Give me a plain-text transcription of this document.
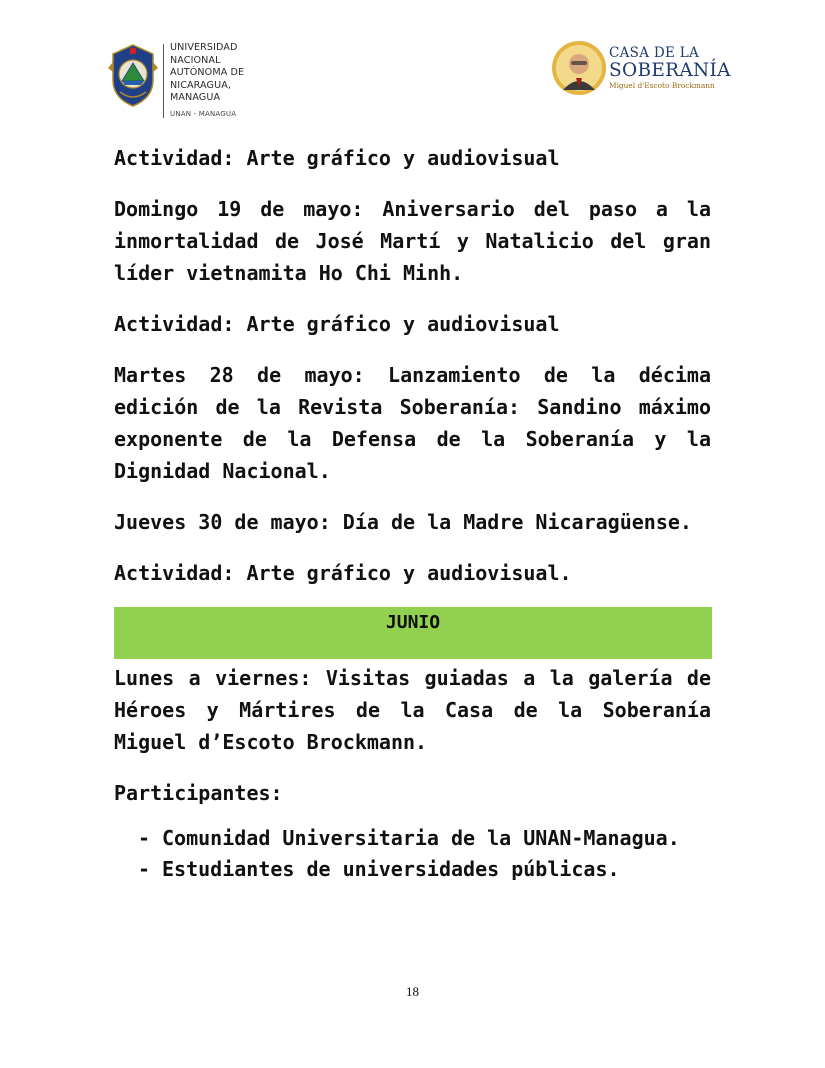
UNIVERSIDAD
NACIONAL
AUTÓNOMA DE
NICARAGUA,
MANAGUA
UNAN - MANAGUA
CASA DE LA
SOBERANÍA
Miguel d'Escoto Brockmann

Actividad: Arte gráfico y audiovisual

Domingo 19 de mayo: Aniversario del paso a la inmortalidad de José Martí y Natalicio del gran líder vietnamita Ho Chi Minh.

Actividad: Arte gráfico y audiovisual

Martes 28 de mayo: Lanzamiento de la décima edición de la Revista Soberanía: Sandino máximo exponente de la Defensa de la Soberanía y la Dignidad Nacional.

Jueves 30 de mayo: Día de la Madre Nicaragüense.

Actividad: Arte gráfico y audiovisual.

JUNIO

Lunes a viernes: Visitas guiadas a la galería de Héroes y Mártires de la Casa de la Soberanía Miguel d’Escoto Brockmann.

Participantes:

- Comunidad Universitaria de la UNAN-Managua.
- Estudiantes de universidades públicas.
18
